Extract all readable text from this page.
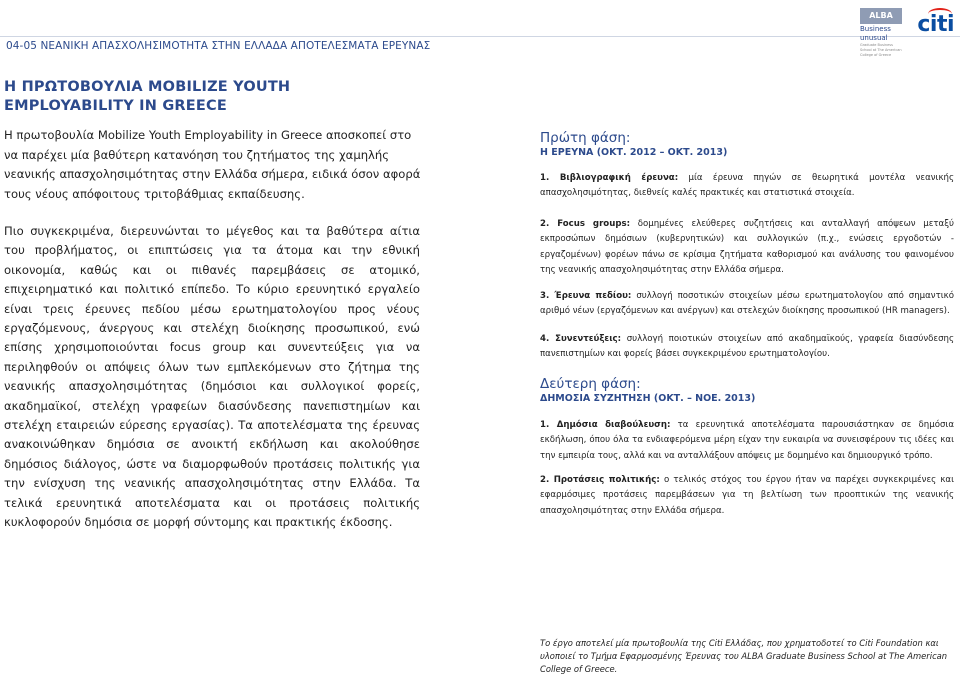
04-05 ΝΕΑΝΙΚΗ ΑΠΑΣΧΟΛΗΣΙΜΟΤΗΤΑ ΣΤΗΝ ΕΛΛΑΔΑ ΑΠΟΤΕΛΕΣΜΑΤΑ ΕΡΕΥΝΑΣ
ALBA
Business unusual
Graduate Business School at The American College of Greece
citi
Η ΠΡΩΤΟΒΟΥΛΙΑ MOBILIZE YOUTH EMPLOYABILITY IN GREECE
Η πρωτοβουλία Mobilize Youth Employability in Greece αποσκοπεί στο να παρέχει μία βαθύτερη κατανόηση του ζητήματος της χαμηλής νεανικής απασχολησιμότητας στην Ελλάδα σήμερα, ειδικά όσον αφορά τους νέους απόφοιτους τριτοβάθμιας εκπαίδευσης.
Πιο συγκεκριμένα, διερευνώνται το μέγεθος και τα βαθύτερα αίτια του προβλήματος, οι επιπτώσεις για τα άτομα και την εθνική οικονομία, καθώς και οι πιθανές παρεμβάσεις σε ατομικό, επιχειρηματικό και πολιτικό επίπεδο. Το κύριο ερευνητικό εργαλείο είναι τρεις έρευνες πεδίου μέσω ερωτηματολογίου προς νέους εργαζόμενους, άνεργους και στελέχη διοίκησης προσωπικού, ενώ επίσης χρησιμοποιούνται focus group και συνεντεύξεις για να περιληφθούν οι απόψεις όλων των εμπλεκόμενων στο ζήτημα της νεανικής απασχολησιμότητας (δημόσιοι και συλλογικοί φορείς, ακαδημαϊκοί, στελέχη γραφείων διασύνδεσης πανεπιστημίων και στελέχη εταιρειών εύρεσης εργασίας). Τα αποτελέσματα της έρευνας ανακοινώθηκαν δημόσια σε ανοικτή εκδήλωση και ακολούθησε δημόσιος διάλογος, ώστε να διαμορφωθούν προτάσεις πολιτικής για την ενίσχυση της νεανικής απασχολησιμότητας στην Ελλάδα. Τα τελικά ερευνητικά αποτελέσματα και οι προτάσεις πολιτικής κυκλοφορούν δημόσια σε μορφή σύντομης και πρακτικής έκδοσης.
Πρώτη φάση:
Η ΕΡΕΥΝΑ (ΟΚΤ. 2012 – ΟΚΤ. 2013)
1. Βιβλιογραφική έρευνα: μία έρευνα πηγών σε θεωρητικά μοντέλα νεανικής απασχολησιμότητας, διεθνείς καλές πρακτικές και στατιστικά στοιχεία.
2. Focus groups: δομημένες ελεύθερες συζητήσεις και ανταλλαγή απόψεων μεταξύ εκπροσώπων δημόσιων (κυβερνητικών) και συλλογικών (π.χ., ενώσεις εργοδοτών - εργαζομένων) φορέων πάνω σε κρίσιμα ζητήματα καθορισμού και ανάλυσης του φαινομένου της νεανικής απασχολησιμότητας στην Ελλάδα σήμερα.
3. Έρευνα πεδίου: συλλογή ποσοτικών στοιχείων μέσω ερωτηματολογίου από σημαντικό αριθμό νέων (εργαζόμενων και ανέργων) και στελεχών διοίκησης προσωπικού (HR managers).
4. Συνεντεύξεις: συλλογή ποιοτικών στοιχείων από ακαδημαϊκούς, γραφεία διασύνδεσης πανεπιστημίων και φορείς βάσει συγκεκριμένου ερωτηματολογίου.
Δεύτερη φάση:
ΔΗΜΟΣΙΑ ΣΥΖΗΤΗΣΗ (ΟΚΤ. – ΝΟΕ. 2013)
1. Δημόσια διαβούλευση: τα ερευνητικά αποτελέσματα παρουσιάστηκαν σε δημόσια εκδήλωση, όπου όλα τα ενδιαφερόμενα μέρη είχαν την ευκαιρία να συνεισφέρουν τις ιδέες και την εμπειρία τους, αλλά και να ανταλλάξουν απόψεις με δομημένο και δημιουργικό τρόπο.
2. Προτάσεις πολιτικής: ο τελικός στόχος του έργου ήταν να παρέχει συγκεκριμένες και εφαρμόσιμες προτάσεις παρεμβάσεων για τη βελτίωση των προοπτικών της νεανικής απασχολησιμότητας στην Ελλάδα σήμερα.
Το έργο αποτελεί μία πρωτοβουλία της Citi Ελλάδας, που χρηματοδοτεί το Citi Foundation και υλοποιεί το Τμήμα Εφαρμοσμένης Έρευνας του ALBA Graduate Business School at The American College of Greece.
